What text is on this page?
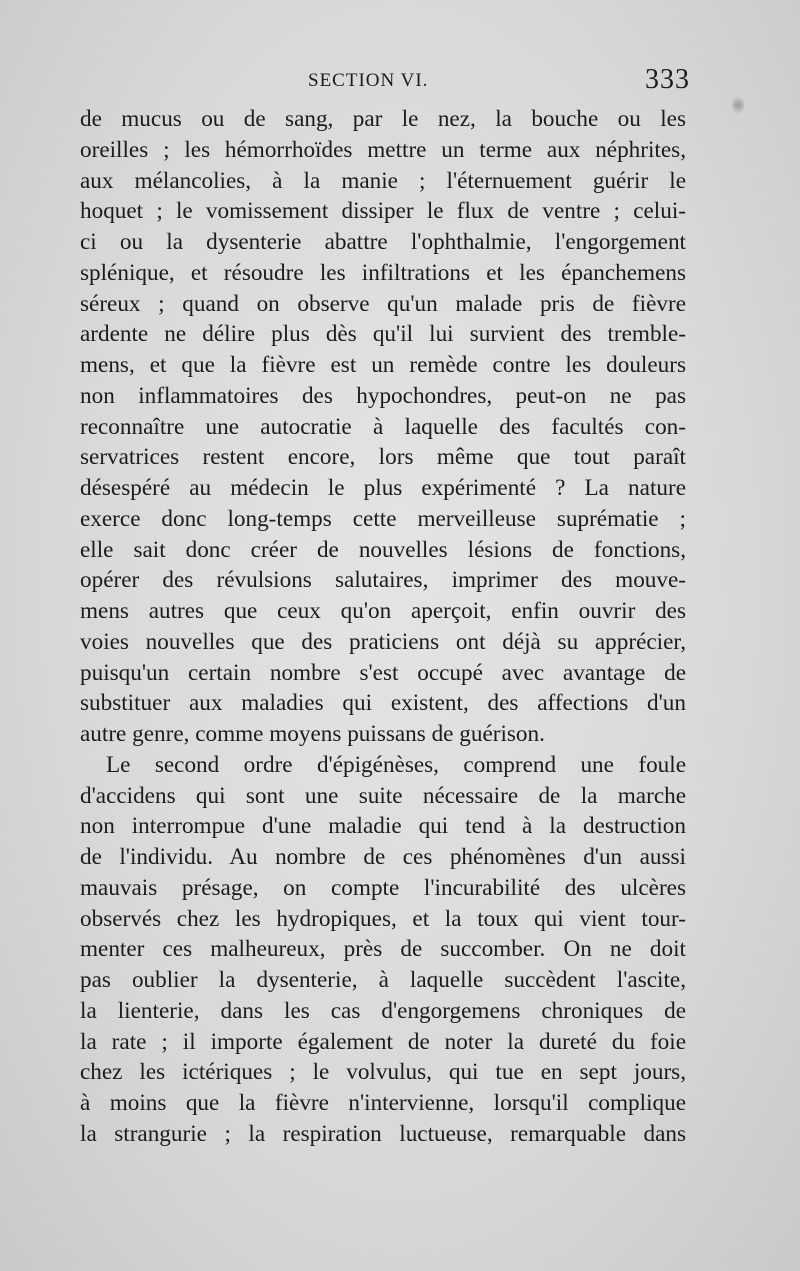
SECTION VI.	333
de mucus ou de sang, par le nez, la bouche ou les
oreilles ; les hémorrhoïdes mettre un terme aux néphrites,
aux mélancolies, à la manie ; l'éternuement guérir le
hoquet ; le vomissement dissiper le flux de ventre ; celui-
ci ou la dysenterie abattre l'ophthalmie, l'engorgement
splénique, et résoudre les infiltrations et les épanchemens
séreux ; quand on observe qu'un malade pris de fièvre
ardente ne délire plus dès qu'il lui survient des tremble-
mens, et que la fièvre est un remède contre les douleurs
non inflammatoires des hypochondres, peut-on ne pas
reconnaître une autocratie à laquelle des facultés con-
servatrices restent encore, lors même que tout paraît
désespéré au médecin le plus expérimenté ? La nature
exerce donc long-temps cette merveilleuse suprématie ;
elle sait donc créer de nouvelles lésions de fonctions,
opérer des révulsions salutaires, imprimer des mouve-
mens autres que ceux qu'on aperçoit, enfin ouvrir des
voies nouvelles que des praticiens ont déjà su apprécier,
puisqu'un certain nombre s'est occupé avec avantage de
substituer aux maladies qui existent, des affections d'un
autre genre, comme moyens puissans de guérison.
Le second ordre d'épigénèses, comprend une foule
d'accidens qui sont une suite nécessaire de la marche
non interrompue d'une maladie qui tend à la destruction
de l'individu. Au nombre de ces phénomènes d'un aussi
mauvais présage, on compte l'incurabilité des ulcères
observés chez les hydropiques, et la toux qui vient tour-
menter ces malheureux, près de succomber. On ne doit
pas oublier la dysenterie, à laquelle succèdent l'ascite,
la lienterie, dans les cas d'engorgemens chroniques de
la rate ; il importe également de noter la dureté du foie
chez les ictériques ; le volvulus, qui tue en sept jours,
à moins que la fièvre n'intervienne, lorsqu'il complique
la strangurie ; la respiration luctueuse, remarquable dans
